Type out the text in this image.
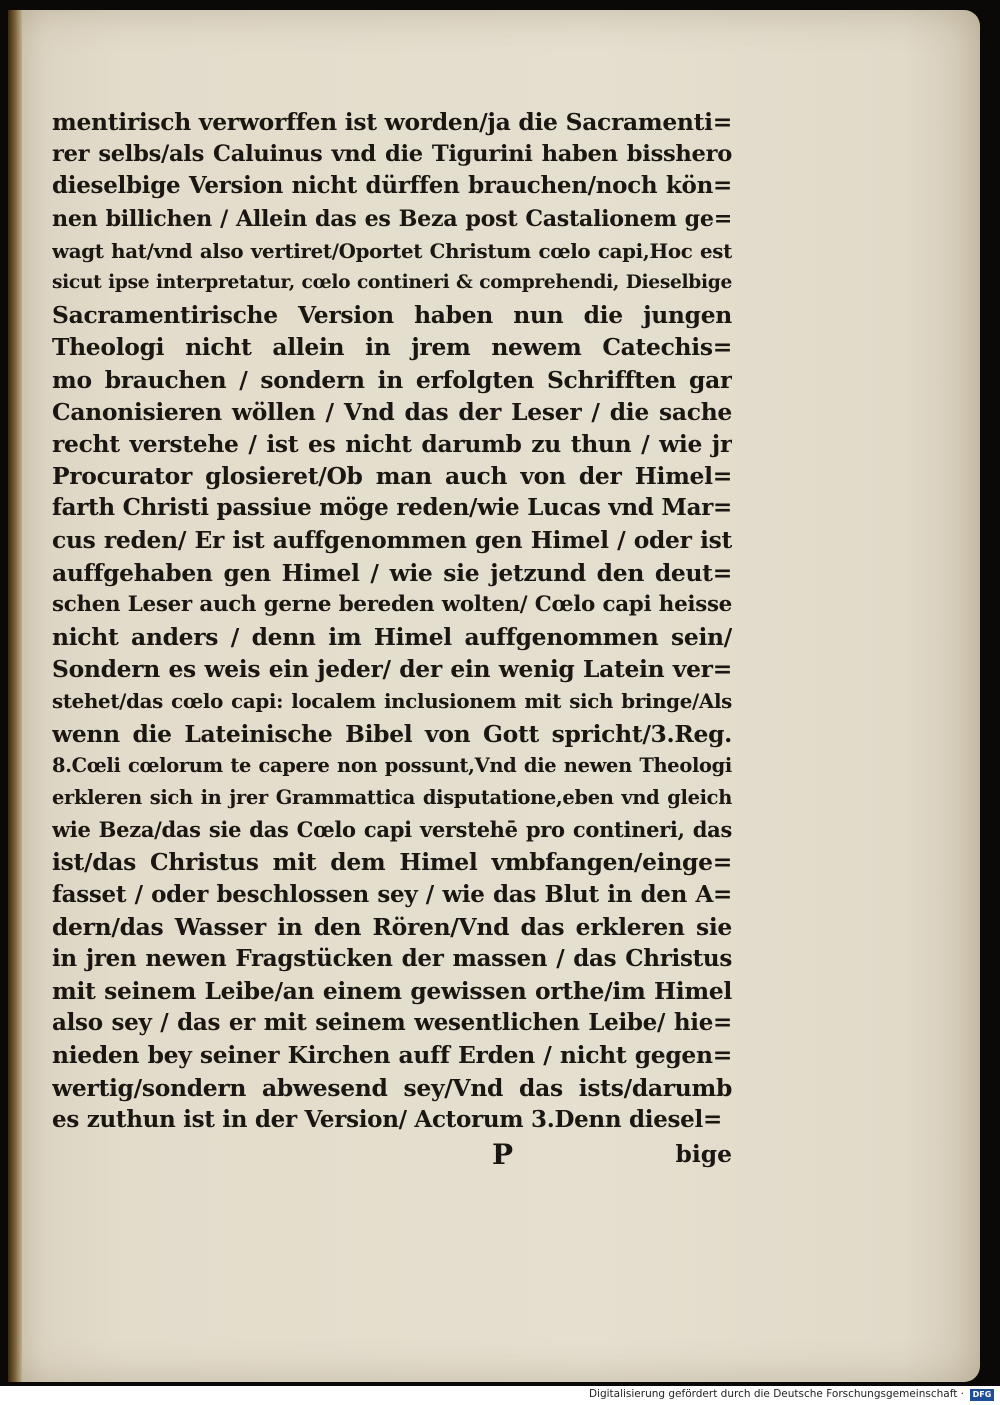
mentirisch verworffen ist worden/ja die Sacramenti=
rer selbs/als Caluinus vnd die Tigurini haben bisshero
dieselbige Version nicht dürffen brauchen/noch kön=
nen billichen / Allein das es Beza post Castalionem ge=
wagt hat/vnd also vertiret/Oportet Christum cœlo capi,Hoc est
sicut ipse interpretatur, cœlo contineri & comprehendi, Dieselbige
Sacramentirische Version haben nun die jungen
Theologi nicht allein in jrem newem Catechis=
mo brauchen / sondern in erfolgten Schrifften gar
Canonisieren wöllen / Vnd das der Leser / die sache
recht verstehe / ist es nicht darumb zu thun / wie jr
Procurator glosieret/Ob man auch von der Himel=
farth Christi passiue möge reden/wie Lucas vnd Mar=
cus reden/ Er ist auffgenommen gen Himel / oder ist
auffgehaben gen Himel / wie sie jetzund den deut=
schen Leser auch gerne bereden wolten/ Cœlo capi heisse
nicht anders / denn im Himel auffgenommen sein/
Sondern es weis ein jeder/ der ein wenig Latein ver=
stehet/das cœlo capi: localem inclusionem mit sich bringe/Als
wenn die Lateinische Bibel von Gott spricht/3.Reg.
8.Cœli cœlorum te capere non possunt,Vnd die newen Theologi
erkleren sich in jrer Grammattica disputatione,eben vnd gleich
wie Beza/das sie das Cœlo capi verstehē pro contineri, das
ist/das Christus mit dem Himel vmbfangen/einge=
fasset / oder beschlossen sey / wie das Blut in den A=
dern/das Wasser in den Rören/Vnd das erkleren sie
in jren newen Fragstücken der massen / das Christus
mit seinem Leibe/an einem gewissen orthe/im Himel
also sey / das er mit seinem wesentlichen Leibe/ hie=
nieden bey seiner Kirchen auff Erden / nicht gegen=
wertig/sondern abwesend sey/Vnd das ists/darumb
es zuthun ist in der Version/ Actorum 3.Denn diesel=
P	bige
Digitalisierung gefördert durch die Deutsche Forschungsgemeinschaft ·	DFG
